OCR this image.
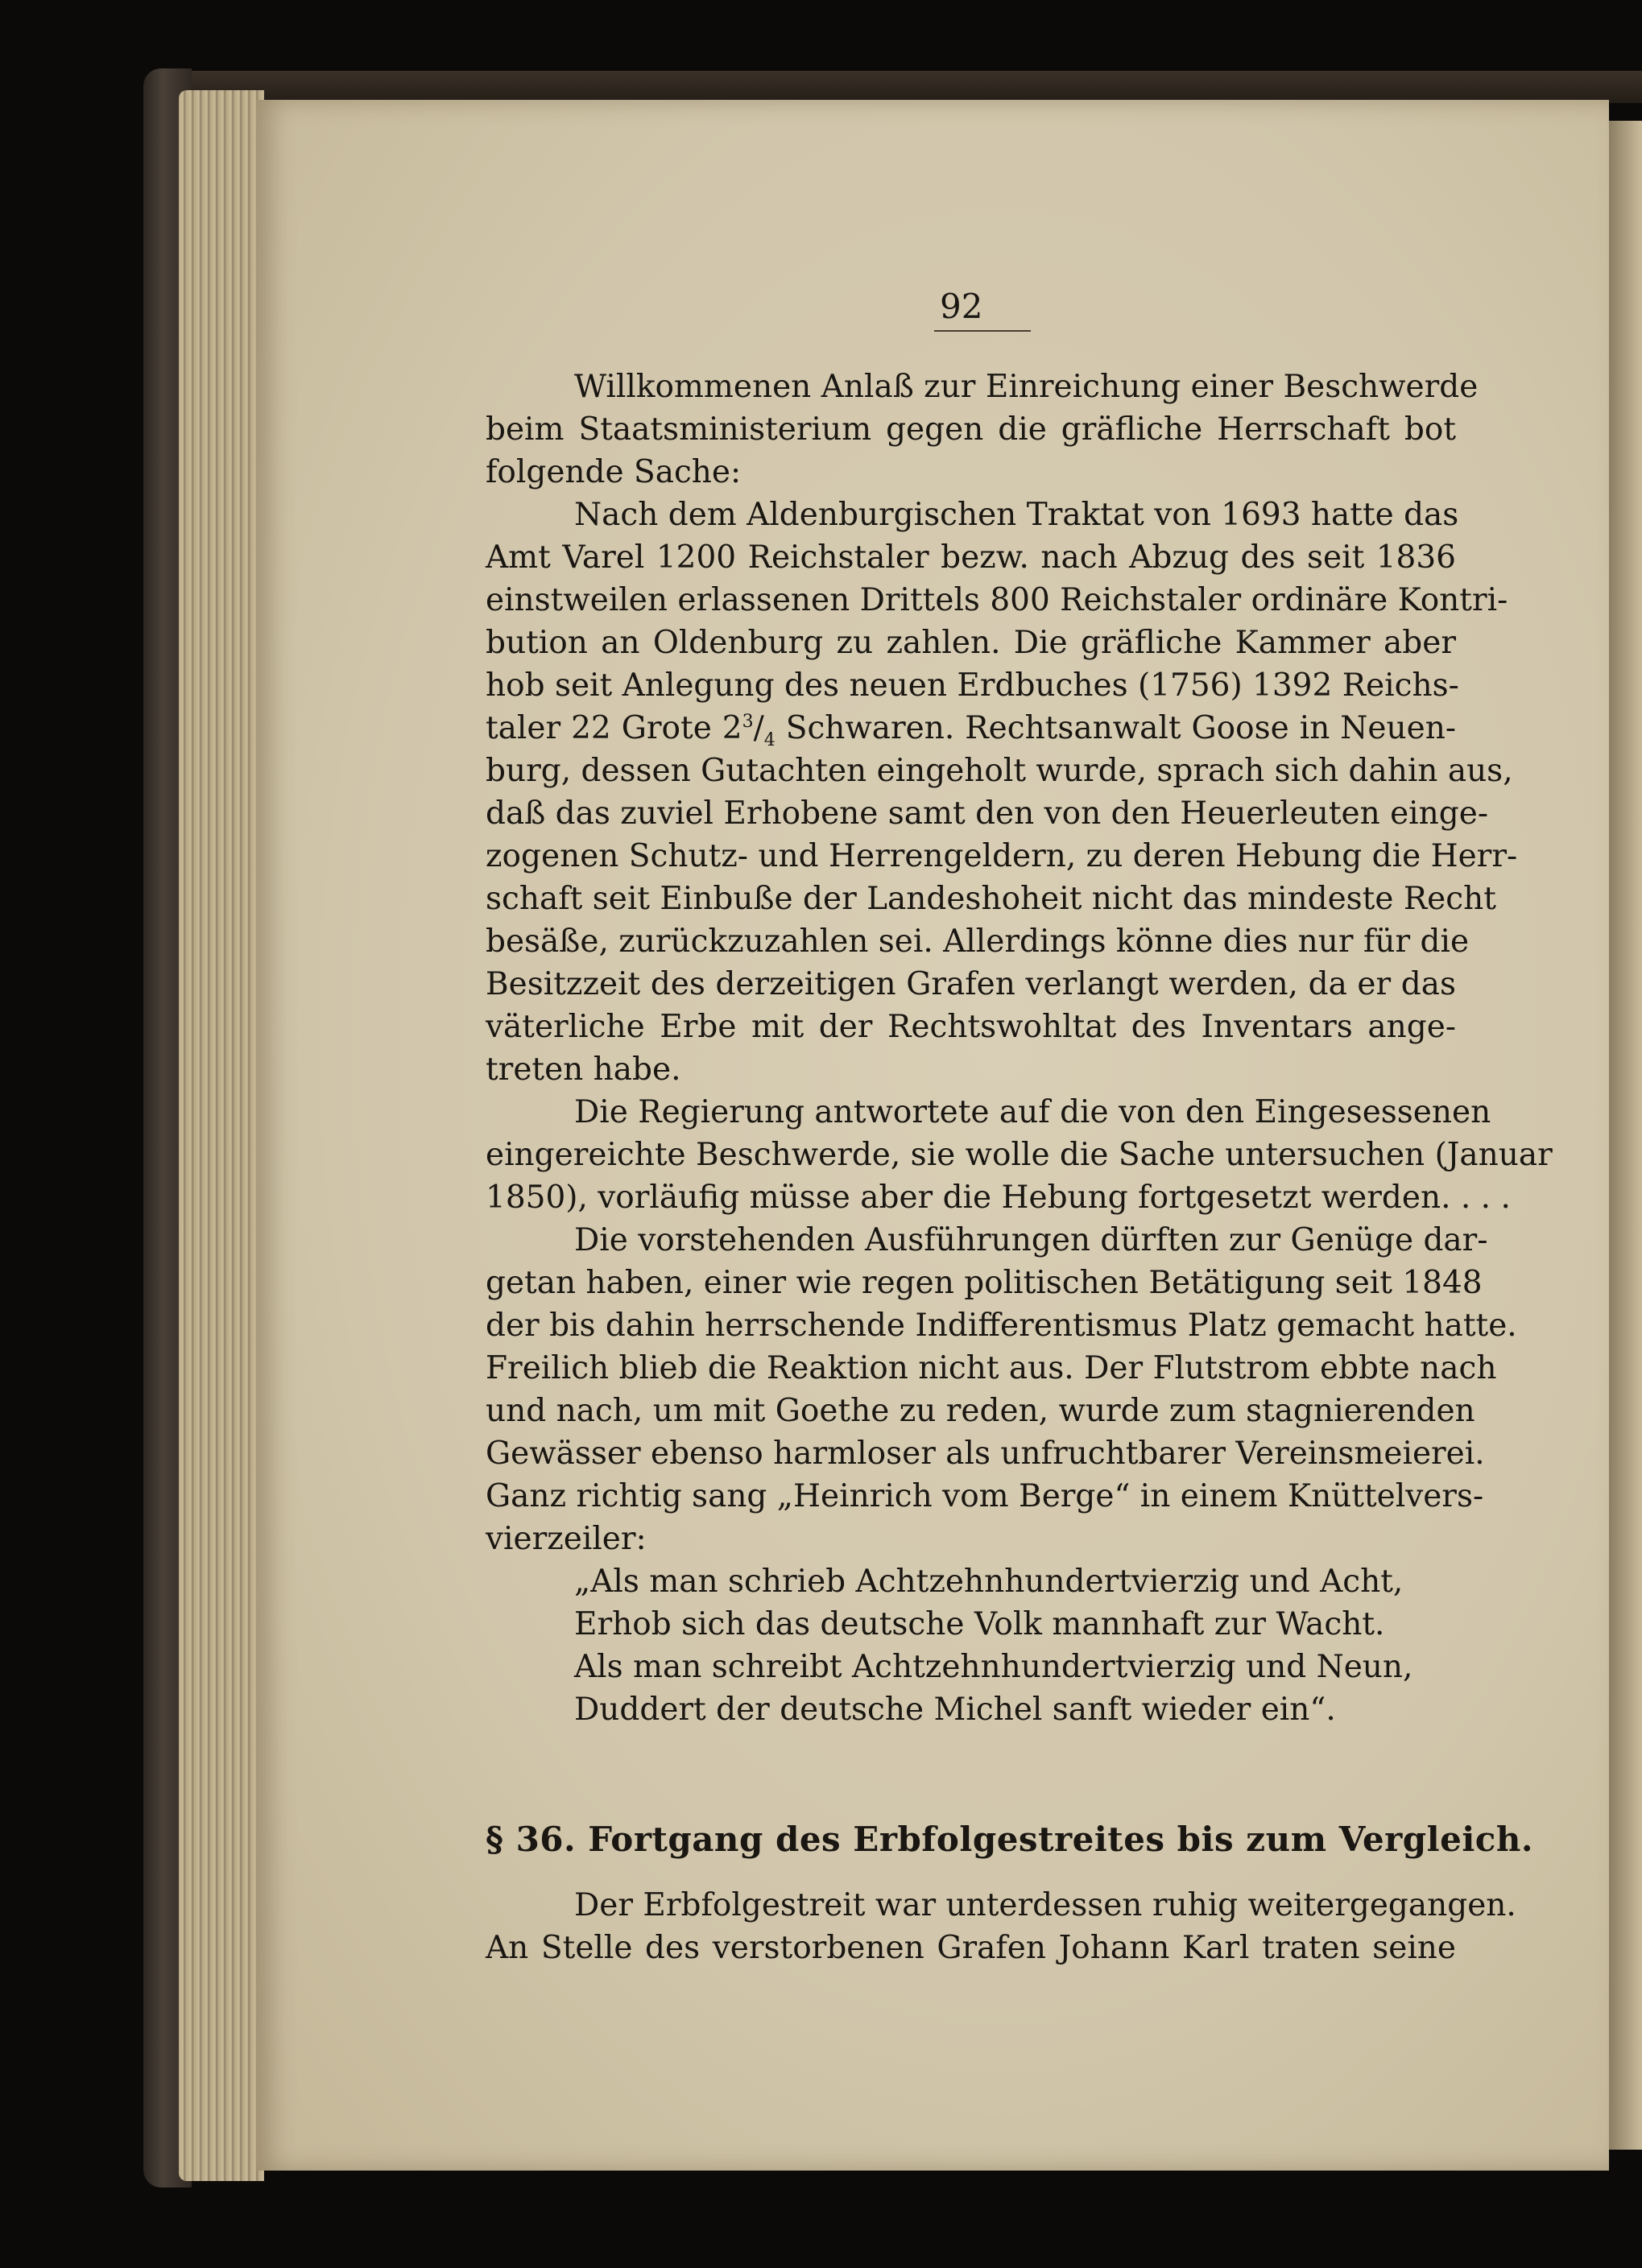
92
Willkommenen Anlaß zur Einreichung einer Beschwerde
beim Staatsministerium gegen die gräfliche Herrschaft bot
folgende Sache:
Nach dem Aldenburgischen Traktat von 1693 hatte das
Amt Varel 1200 Reichstaler bezw. nach Abzug des seit 1836
einstweilen erlassenen Drittels 800 Reichstaler ordinäre Kontri-
bution an Oldenburg zu zahlen. Die gräfliche Kammer aber
hob seit Anlegung des neuen Erdbuches (1756) 1392 Reichs-
taler 22 Grote $2^3/_4$ Schwaren. Rechtsanwalt Goose in Neuen-
burg, dessen Gutachten eingeholt wurde, sprach sich dahin aus,
daß das zuviel Erhobene samt den von den Heuerleuten einge-
zogenen Schutz- und Herrengeldern, zu deren Hebung die Herr-
schaft seit Einbuße der Landeshoheit nicht das mindeste Recht
besäße, zurückzuzahlen sei. Allerdings könne dies nur für die
Besitzzeit des derzeitigen Grafen verlangt werden, da er das
väterliche Erbe mit der Rechtswohltat des Inventars ange-
treten habe.
Die Regierung antwortete auf die von den Eingesessenen
eingereichte Beschwerde, sie wolle die Sache untersuchen (Januar
1850), vorläufig müsse aber die Hebung fortgesetzt werden. . . .
Die vorstehenden Ausführungen dürften zur Genüge dar-
getan haben, einer wie regen politischen Betätigung seit 1848
der bis dahin herrschende Indifferentismus Platz gemacht hatte.
Freilich blieb die Reaktion nicht aus. Der Flutstrom ebbte nach
und nach, um mit Goethe zu reden, wurde zum stagnierenden
Gewässer ebenso harmloser als unfruchtbarer Vereinsmeierei.
Ganz richtig sang „Heinrich vom Berge“ in einem Knüttelvers-
vierzeiler:
„Als man schrieb Achtzehnhundertvierzig und Acht,
Erhob sich das deutsche Volk mannhaft zur Wacht.
Als man schreibt Achtzehnhundertvierzig und Neun,
Duddert der deutsche Michel sanft wieder ein“.
§ 36. Fortgang des Erbfolgestreites bis zum Vergleich.
Der Erbfolgestreit war unterdessen ruhig weitergegangen.
An Stelle des verstorbenen Grafen Johann Karl traten seine
